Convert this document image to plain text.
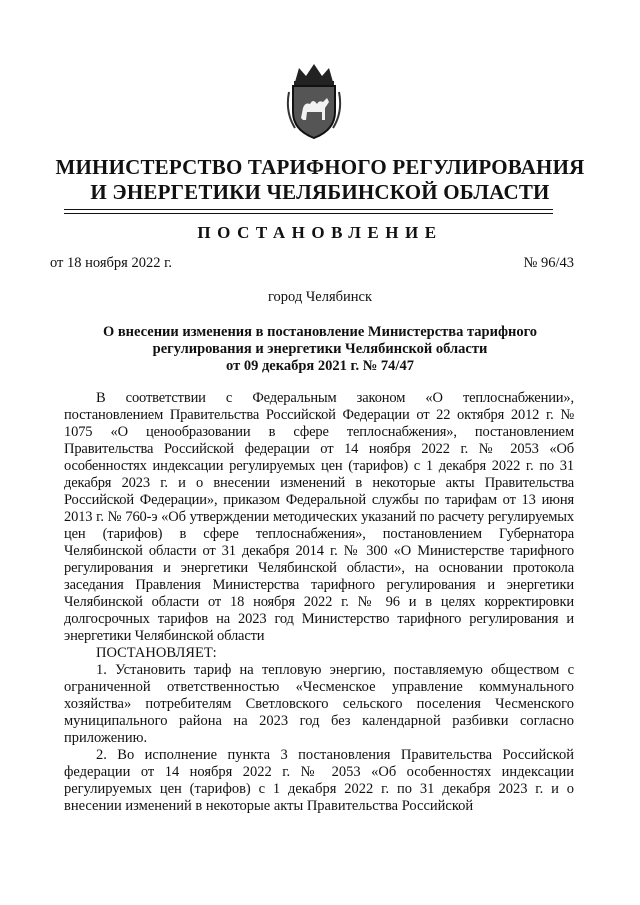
МИНИСТЕРСТВО ТАРИФНОГО РЕГУЛИРОВАНИЯ
И ЭНЕРГЕТИКИ ЧЕЛЯБИНСКОЙ ОБЛАСТИ
ПОСТАНОВЛЕНИЕ
от 18 ноября 2022 г.	№ 96/43
город Челябинск
О внесении изменения в постановление Министерства тарифного
регулирования и энергетики Челябинской области
от 09 декабря 2021 г. № 74/47

В соответствии с Федеральным законом «О теплоснабжении», постановлением Правительства Российской Федерации от 22 октября 2012 г. № 1075 «О ценообразовании в сфере теплоснабжения», постановлением Правительства Российской федерации от 14 ноября 2022 г. № 2053 «Об особенностях индексации регулируемых цен (тарифов) с 1 декабря 2022 г. по 31 декабря 2023 г. и о внесении изменений в некоторые акты Правительства Российской Федерации», приказом Федеральной службы по тарифам от 13 июня 2013 г. № 760-э «Об утверждении методических указаний по расчету регулируемых цен (тарифов) в сфере теплоснабжения», постановлением Губернатора Челябинской области от 31 декабря 2014 г. № 300 «О Министерстве тарифного регулирования и энергетики Челябинской области», на основании протокола заседания Правления Министерства тарифного регулирования и энергетики Челябинской области от 18 ноября 2022 г. № 96 и в целях корректировки долгосрочных тарифов на 2023 год Министерство тарифного регулирования и энергетики Челябинской области

ПОСТАНОВЛЯЕТ:

1. Установить тариф на тепловую энергию, поставляемую обществом с ограниченной ответственностью «Чесменское управление коммунального хозяйства» потребителям Светловского сельского поселения Чесменского муниципального района на 2023 год без календарной разбивки согласно приложению.

2. Во исполнение пункта 3 постановления Правительства Российской федерации от 14 ноября 2022 г. № 2053 «Об особенностях индексации регулируемых цен (тарифов) с 1 декабря 2022 г. по 31 декабря 2023 г. и о внесении изменений в некоторые акты Правительства Российской
